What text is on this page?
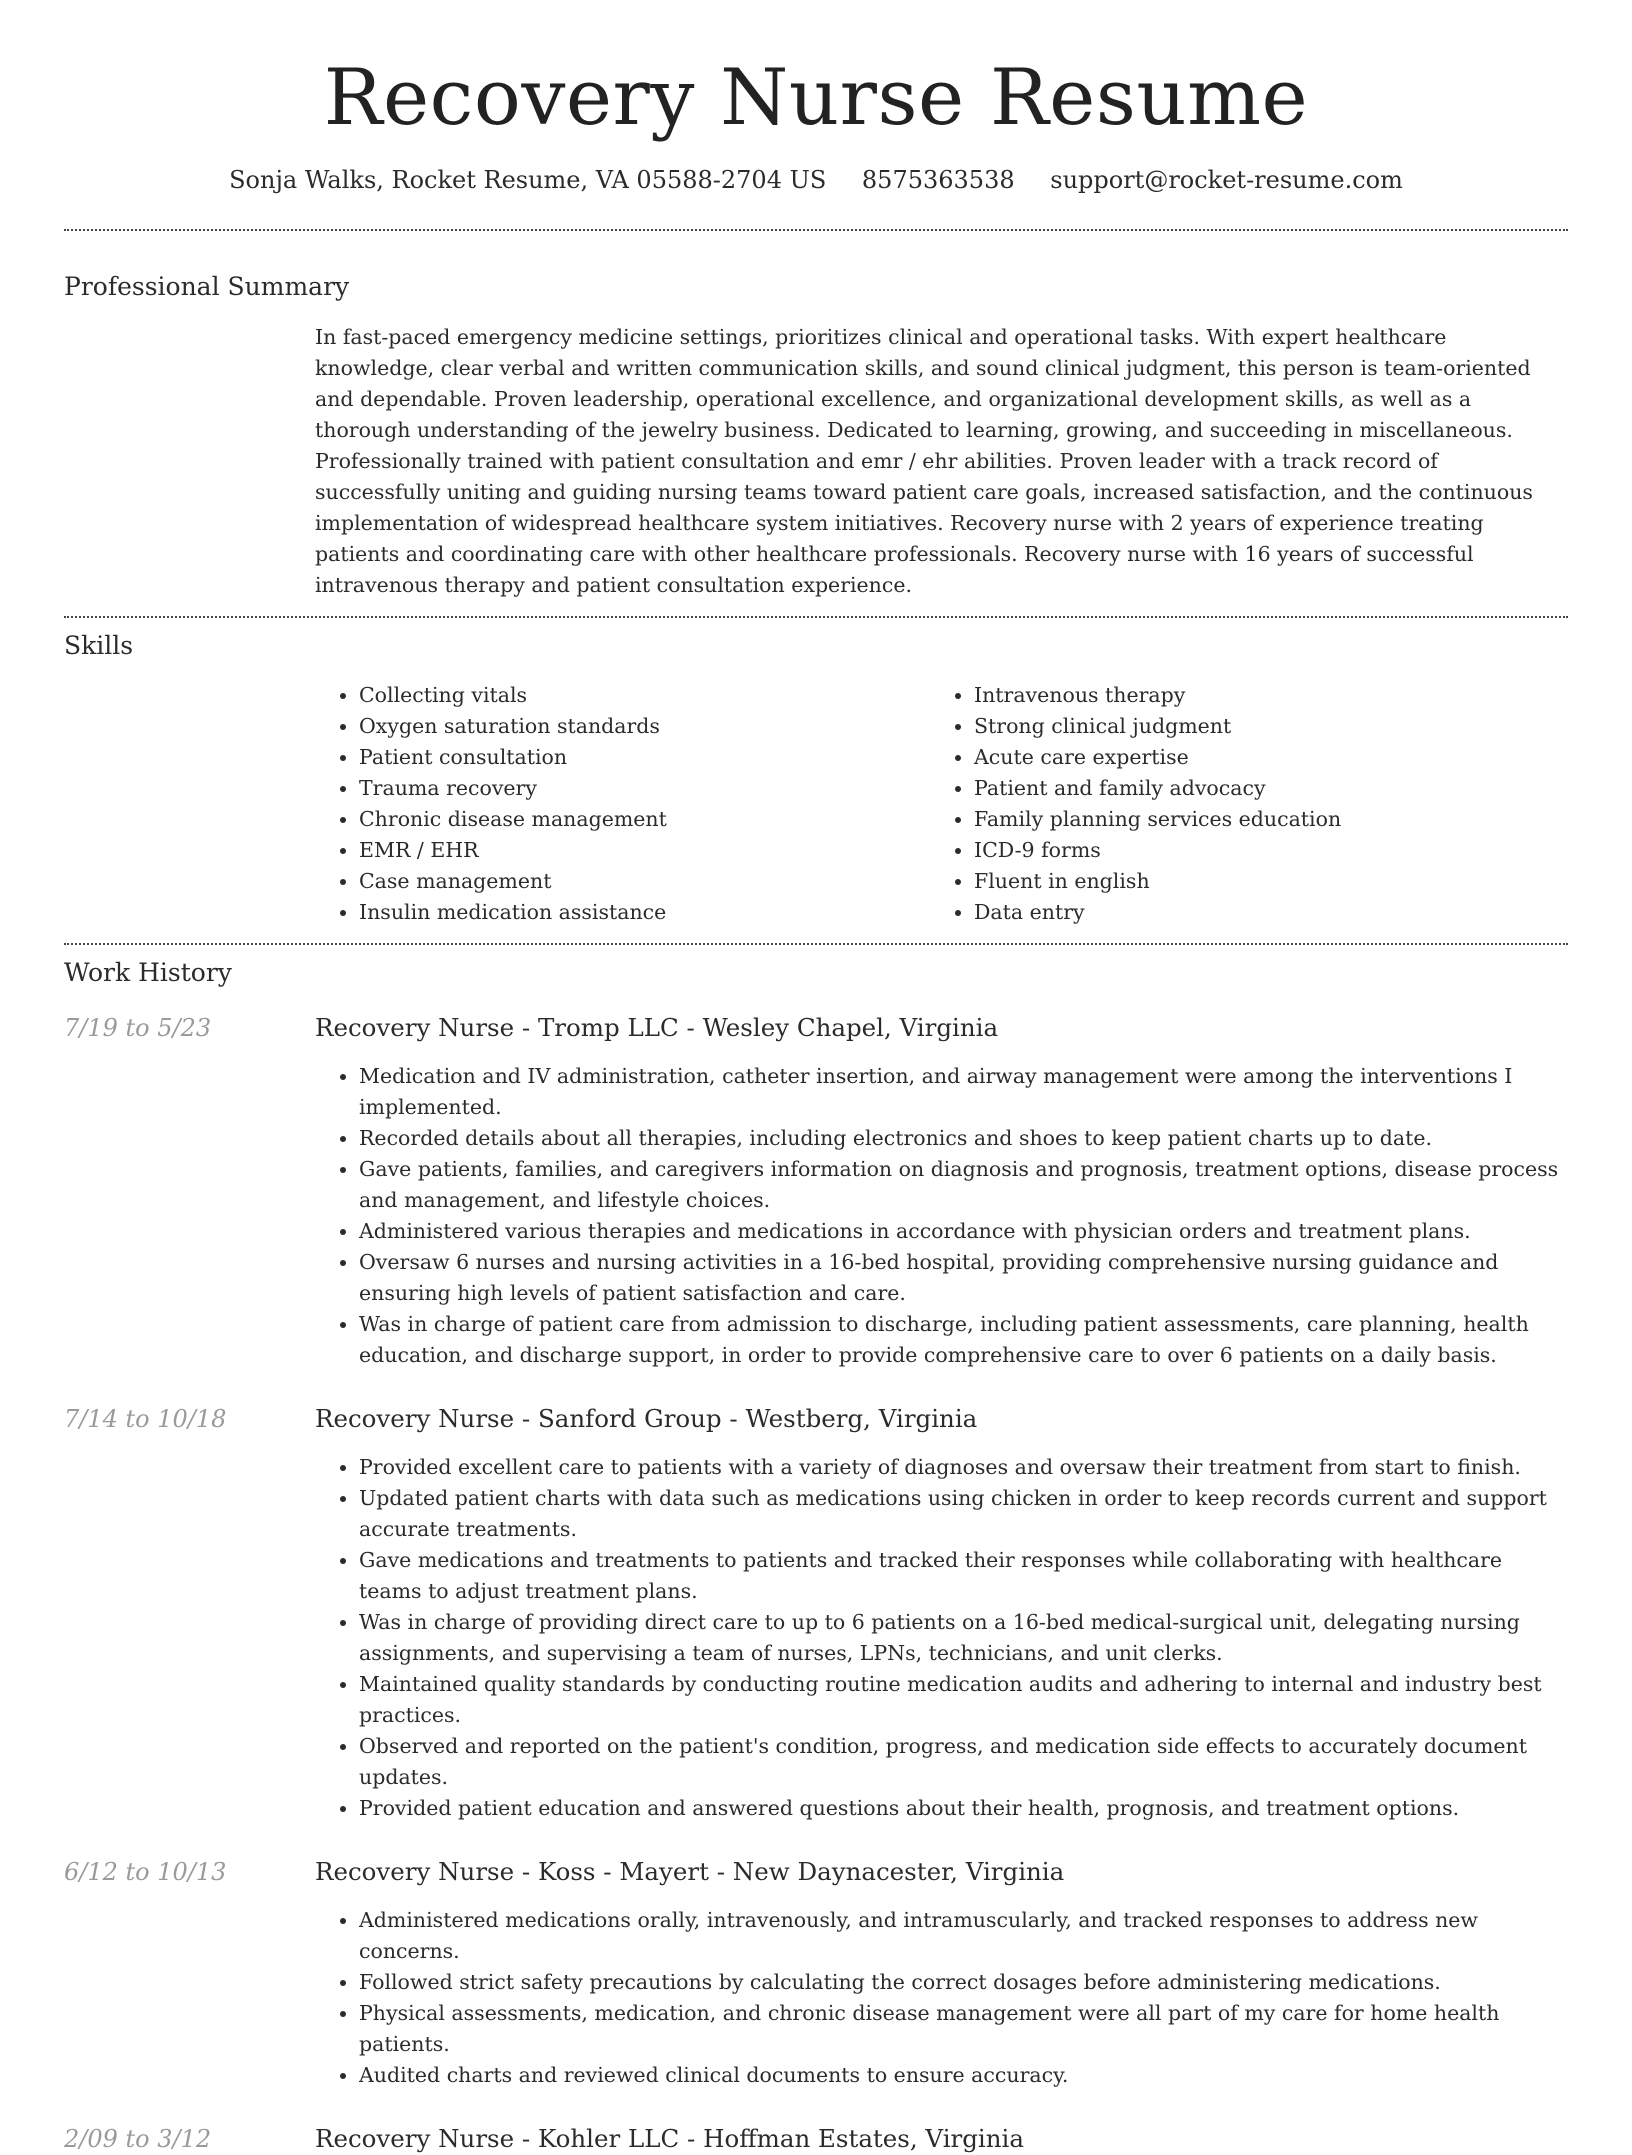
Recovery Nurse Resume
Sonja Walks, Rocket Resume, VA 05588-2704 US 8575363538 support@rocket-resume.com
Professional Summary
In fast-paced emergency medicine settings, prioritizes clinical and operational tasks. With expert healthcare knowledge, clear verbal and written communication skills, and sound clinical judgment, this person is team-oriented and dependable. Proven leadership, operational excellence, and organizational development skills, as well as a thorough understanding of the jewelry business. Dedicated to learning, growing, and succeeding in miscellaneous. Professionally trained with patient consultation and emr / ehr abilities. Proven leader with a track record of successfully uniting and guiding nursing teams toward patient care goals, increased satisfaction, and the continuous implementation of widespread healthcare system initiatives. Recovery nurse with 2 years of experience treating patients and coordinating care with other healthcare professionals. Recovery nurse with 16 years of successful intravenous therapy and patient consultation experience.
Skills
• Collecting vitals
• Oxygen saturation standards
• Patient consultation
• Trauma recovery
• Chronic disease management
• EMR / EHR
• Case management
• Insulin medication assistance
• Intravenous therapy
• Strong clinical judgment
• Acute care expertise
• Patient and family advocacy
• Family planning services education
• ICD-9 forms
• Fluent in english
• Data entry
Work History
7/19 to 5/23	Recovery Nurse - Tromp LLC - Wesley Chapel, Virginia
• Medication and IV administration, catheter insertion, and airway management were among the interventions I implemented.
• Recorded details about all therapies, including electronics and shoes to keep patient charts up to date.
• Gave patients, families, and caregivers information on diagnosis and prognosis, treatment options, disease process and management, and lifestyle choices.
• Administered various therapies and medications in accordance with physician orders and treatment plans.
• Oversaw 6 nurses and nursing activities in a 16-bed hospital, providing comprehensive nursing guidance and ensuring high levels of patient satisfaction and care.
• Was in charge of patient care from admission to discharge, including patient assessments, care planning, health education, and discharge support, in order to provide comprehensive care to over 6 patients on a daily basis.
7/14 to 10/18	Recovery Nurse - Sanford Group - Westberg, Virginia
• Provided excellent care to patients with a variety of diagnoses and oversaw their treatment from start to finish.
• Updated patient charts with data such as medications using chicken in order to keep records current and support accurate treatments.
• Gave medications and treatments to patients and tracked their responses while collaborating with healthcare teams to adjust treatment plans.
• Was in charge of providing direct care to up to 6 patients on a 16-bed medical-surgical unit, delegating nursing assignments, and supervising a team of nurses, LPNs, technicians, and unit clerks.
• Maintained quality standards by conducting routine medication audits and adhering to internal and industry best practices.
• Observed and reported on the patient's condition, progress, and medication side effects to accurately document updates.
• Provided patient education and answered questions about their health, prognosis, and treatment options.
6/12 to 10/13	Recovery Nurse - Koss - Mayert - New Daynacester, Virginia
• Administered medications orally, intravenously, and intramuscularly, and tracked responses to address new concerns.
• Followed strict safety precautions by calculating the correct dosages before administering medications.
• Physical assessments, medication, and chronic disease management were all part of my care for home health patients.
• Audited charts and reviewed clinical documents to ensure accuracy.
2/09 to 3/12	Recovery Nurse - Kohler LLC - Hoffman Estates, Virginia
